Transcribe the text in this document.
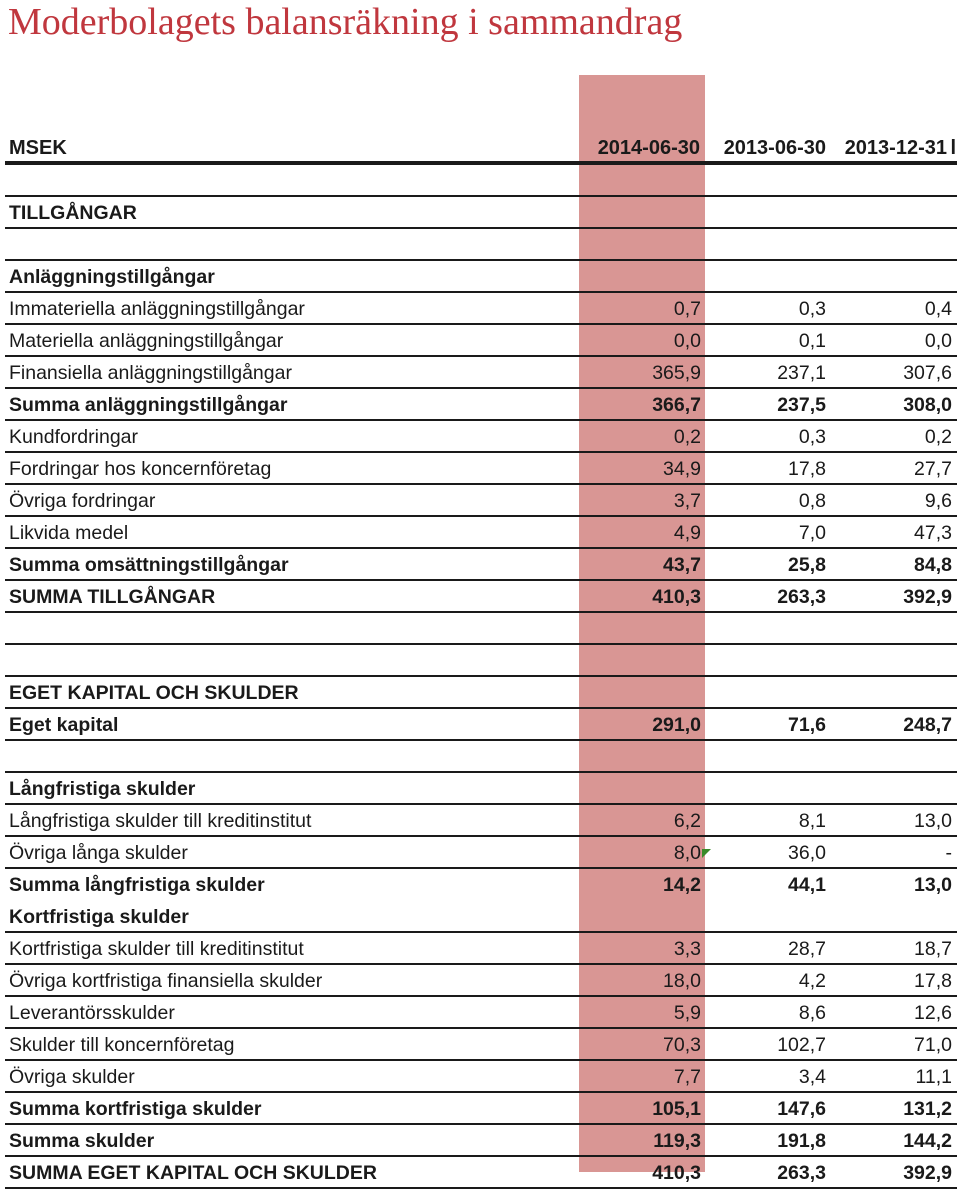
Moderbolagets balansräkning i sammandrag
MSEK	2014-06-30 2013-06-30 2013-12-31 l
TILLGÅNGAR
Anläggningstillgångar
Immateriella anläggningstillgångar	0,7	0,3	0,4
Materiella anläggningstillgångar	0,0	0,1	0,0
Finansiella anläggningstillgångar	365,9	237,1	307,6
Summa anläggningstillgångar	366,7	237,5	308,0
Kundfordringar	0,2	0,3	0,2
Fordringar hos koncernföretag	34,9	17,8	27,7
Övriga fordringar	3,7	0,8	9,6
Likvida medel	4,9	7,0	47,3
Summa omsättningstillgångar	43,7	25,8	84,8
SUMMA TILLGÅNGAR	410,3	263,3	392,9
EGET KAPITAL OCH SKULDER
Eget kapital	291,0	71,6	248,7
Långfristiga skulder
Långfristiga skulder till kreditinstitut	6,2	8,1	13,0
Övriga långa skulder	8,0	36,0	-
Summa långfristiga skulder	14,2	44,1	13,0
Kortfristiga skulder
Kortfristiga skulder till kreditinstitut	3,3	28,7	18,7
Övriga kortfristiga finansiella skulder	18,0	4,2	17,8
Leverantörsskulder	5,9	8,6	12,6
Skulder till koncernföretag	70,3	102,7	71,0
Övriga skulder	7,7	3,4	11,1
Summa kortfristiga skulder	105,1	147,6	131,2
Summa skulder	119,3	191,8	144,2
SUMMA EGET KAPITAL OCH SKULDER	410,3	263,3	392,9
